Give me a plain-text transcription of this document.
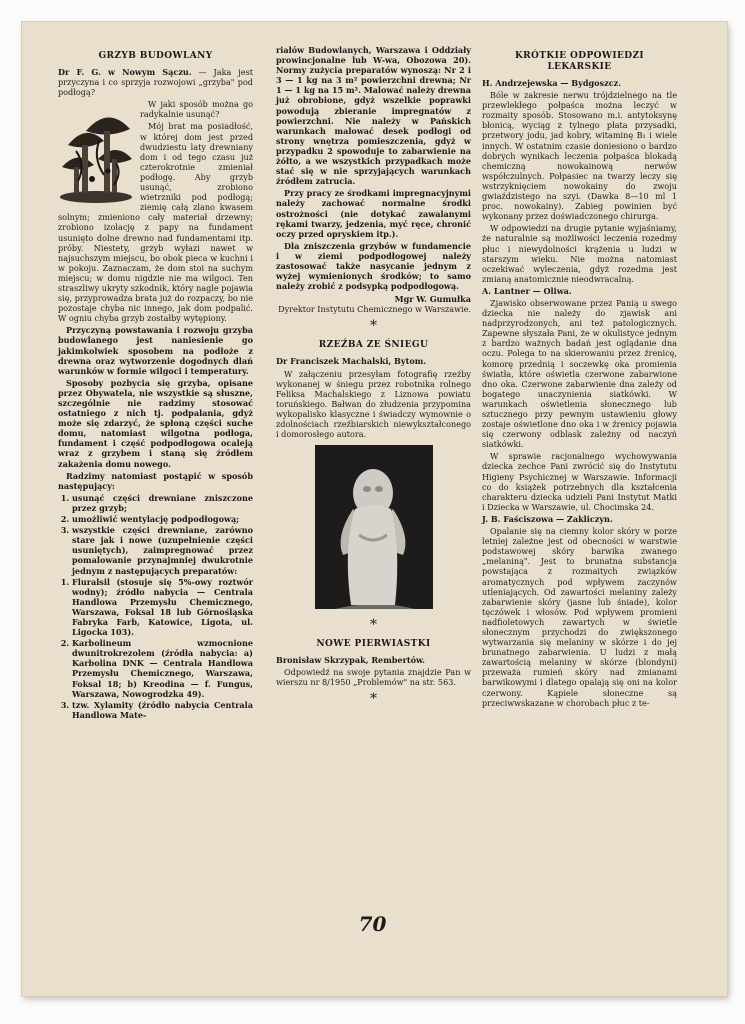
GRZYB BUDOWLANY

Dr F. G. w Nowym Sączu. — Jaka jest przyczyna i co sprzyja rozwojowi „grzyba" pod podłogą?

W jaki sposób można go radykalnie usunąć?

Mój brat ma posiadłość, w której dom jest przed dwudziestu laty drewniany dom i od tego czasu już czterokrotnie zmieniał podłogę. Aby grzyb usunąć, zrobiono wietrzniki pod podłogą; ziemię całą zlano kwasem solnym; zmieniono cały materiał drzewny; zrobiono izolację z papy na fundament usunięto dolne drewno nad fundamentami itp. próby. Niestety, grzyb wyłazi nawet w najsuchszym miejscu, bo obok pieca w kuchni i w pokoju. Zaznaczam, że dom stoi na suchym miejscu; w domu nigdzie nie ma wilgoci. Ten straszliwy ukryty szkodnik, który nagle pojawia się, przyprowadza brata już do rozpaczy, bo nie pozostaje chyba nic innego, jak dom podpalić. W ogniu chyba grzyb zostałby wytępiony.

Przyczyną powstawania i rozwoju grzyba budowlanego jest naniesienie go jakimkolwiek sposobem na podłoże z drewna oraz wytworzenie dogodnych dlań warunków w formie wilgoci i temperatury.

Sposoby pozbycia się grzyba, opisane przez Obywatela, nie wszystkie są słuszne, szczególnie nie radzimy stosować ostatniego z nich tj. podpalania, gdyż może się zdarzyć, że spłoną części suche domu, natomiast wilgotna podłoga, fundament i część podpodłogowa ocaleją wraz z grzybem i staną się źródłem zakażenia domu nowego.

Radzimy natomiast postąpić w sposób następujący:

1. usunąć części drewniane zniszczone przez grzyb;
2. umożliwić wentylację podpodłogową;
3. wszystkie części drewniane, zarówno stare jak i nowe (uzupełnienie części usuniętych), zaimpregnować przez pomalowanie przynajmniej dwukrotnie jednym z następujących preparatów:
1. Fluralsil (stosuje się 5%-owy roztwór wodny); źródło nabycia — Centrala Handlowa Przemysłu Chemicznego, Warszawa, Foksal 18 lub Górnośląska Fabryka Farb, Katowice, Ligota, ul. Ligocka 103).
2. Karbolineum wzmocnione dwunitrokrezolem (źródła nabycia: a) Karbolina DNK — Centrala Handlowa Przemysłu Chemicznego, Warszawa, Foksal 18; b) Kreodina — f. Fungus, Warszawa, Nowogrodzka 49).
3. tzw. Xylamity (źródło nabycia Centrala Handlowa Mate-

riałów Budowlanych, Warszawa i Oddziały prowincjonalne lub W-wa, Obozowa 20). Normy zużycia preparatów wynoszą: Nr 2 i 3 — 1 kg na 3 m² powierzchni drewna; Nr 1 — 1 kg na 15 m². Malować należy drewna już obrobione, gdyż wszelkie poprawki powodują zbieranie impregnatów z powierzchni. Nie należy w Pańskich warunkach malować desek podłogi od strony wnętrza pomieszczenia, gdyż w przypadku 2 spowoduje to zabarwienie na żółto, a we wszystkich przypadkach może stać się w nie sprzyjających warunkach źródłem zatrucia.

Przy pracy ze środkami impregnacyjnymi należy zachować normalne środki ostrożności (nie dotykać zawalanymi rękami twarzy, jedzenia, myć ręce, chronić oczy przed opryskiem itp.).

Dla zniszczenia grzybów w fundamencie i w ziemi podpodłogowej należy zastosować także nasycanie jednym z wyżej wymienionych środków; to samo należy zrobić z podsypką podpodłogową.

Mgr W. Gumułka
Dyrektor Instytutu Chemicznego w Warszawie.
*
RZEŹBA ZE ŚNIEGU

Dr Franciszek Machalski, Bytom.

W załączeniu przesyłam fotografię rzeźby wykonanej w śniegu przez robotnika rolnego Feliksa Machalskiego z Liznowa powiatu toruńskiego. Bałwan do złudzenia przypomina wykopalisko klasyczne i świadczy wymownie o zdolnościach rzeźbiarskich niewykształconego i domorosłego autora.

*
NOWE PIERWIASTKI

Bronisław Skrzypak, Rembertów.

Odpowiedź na swoje pytania znajdzie Pan w wierszu nr 8/1950 „Problemów" na str. 563.

*
KRÓTKIE ODPOWIEDZI LEKARSKIE

H. Andrzejewska — Bydgoszcz.

Bóle w zakresie nerwu trójdzielnego na tle przewlekłego połpaśca można leczyć w rozmaity sposób. Stosowano m.i. antytoksynę błonicą, wyciąg z tylnego płata przysadki, przetwory jodu, jad kobry, witaminę B₁ i wiele innych. W ostatnim czasie doniesiono o bardzo dobrych wynikach leczenia połpaśca blokadą chemiczną nowokainową nerwów współczulnych. Połpasiec na twarzy leczy się wstrzyknięciem nowokainy do zwoju gwiaździstego na szyi. (Dawka 8—10 ml 1 proc. nowokainy). Zabieg powinien być wykonany przez doświadczonego chirurga.

W odpowiedzi na drugie pytanie wyjaśniamy, że naturalnie są możliwości leczenia rozedmy płuc i niewydolności krążenia u ludzi w starszym wieku. Nie można natomiast oczekiwać wyleczenia, gdyż rozedma jest zmianą anatomicznie nieodwracalną.

A. Lantner — Oliwa.

Zjawisko obserwowane przez Panią u swego dziecka nie należy do zjawisk ani nadprzyrodzonych, ani też patologicznych. Zapewne słyszała Pani, że w okulistyce jednym z bardzo ważnych badań jest oglądanie dna oczu. Polega to na skierowaniu przez źrenicę, komorę przednią i soczewkę oka promienia światła, które oświetla czerwone zabarwione dno oka. Czerwone zabarwienie dna zależy od bogatego unaczynienia siatkówki. W warunkach oświetlenia słonecznego lub sztucznego przy pewnym ustawieniu głowy zostaje oświetlone dno oka i w źrenicy pojawia się czerwony odblask zależny od naczyń siatkówki.

W sprawie racjonalnego wychowywania dziecka zechce Pani zwrócić się do Instytutu Higieny Psychicznej w Warszawie. Informacji co do książek potrzebnych dla kształcenia charakteru dziecka udzieli Pani Instytut Matki i Dziecka w Warszawie, ul. Chocimska 24.

J. B. Faściszowa — Zakliczyn.

Opalanie się na ciemny kolor skóry w porze letniej zależne jest od obecności w warstwie podstawowej skóry barwika zwanego „melaniną". Jest to brunatna substancja powstająca z rozmaitych związków aromatycznych pod wpływem zaczynów utleniających. Od zawartości melaniny zależy zabarwienie skóry (jasne lub śniade), kolor tęczówek i włosów. Pod wpływem promieni nadfioletowych zawartych w świetle słonecznym przychodzi do zwiększonego wytwarzania się melaniny w skórze i do jej brunatnego zabarwienia. U ludzi z małą zawartością melaniny w skórze (blondyni) przeważa rumień skóry nad zmianami barwikowymi i dlatego opalają się oni na kolor czerwony. Kąpiele słoneczne są przeciwwskazane w chorobach płuc z te-

70
